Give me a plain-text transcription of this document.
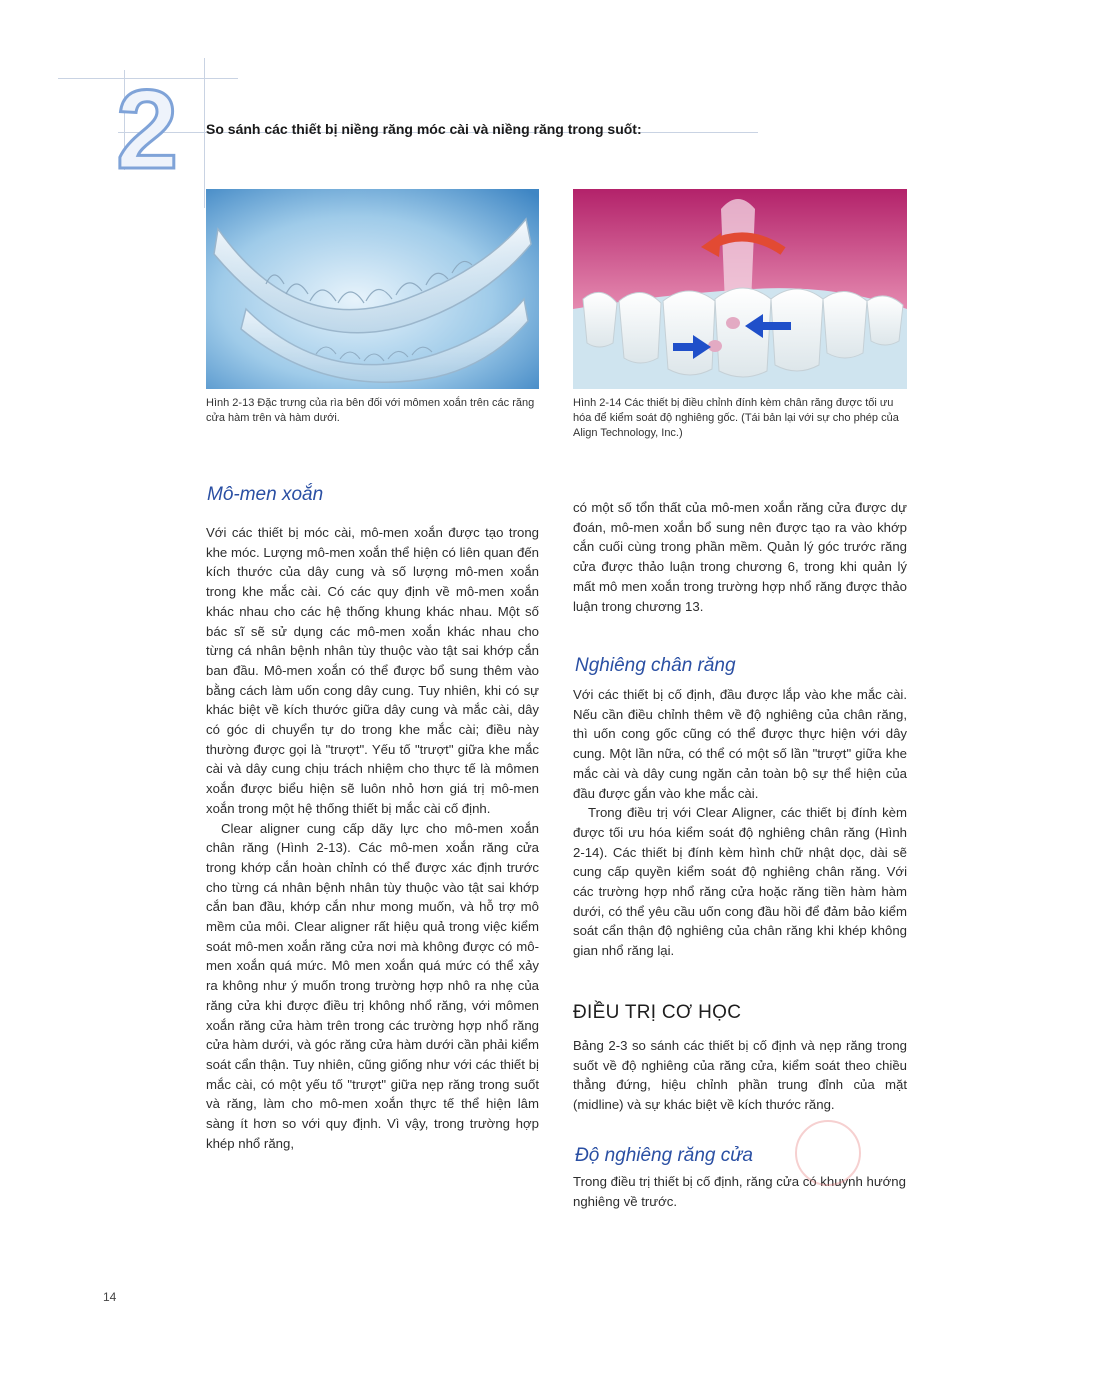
2 So sánh các thiết bị niềng răng móc cài và niềng răng trong suốt:
Hình 2-13 Đặc trưng của rìa bên đối với mômen xoắn trên các răng cửa hàm trên và hàm dưới.
Hình 2-14 Các thiết bị điều chỉnh đính kèm chân răng được tối ưu hóa để kiểm soát độ nghiêng gốc. (Tái bản lại với sự cho phép của Align Technology, Inc.)
Mô-men xoắn

Với các thiết bị móc cài, mô-men xoắn được tạo trong khe móc. Lượng mô-men xoắn thể hiện có liên quan đến kích thước của dây cung và số lượng mô-men xoắn trong khe mắc cài. Có các quy định về mô-men xoắn khác nhau cho các hệ thống khung khác nhau. Một số bác sĩ sẽ sử dụng các mô-men xoắn khác nhau cho từng cá nhân bệnh nhân tùy thuộc vào tật sai khớp cắn ban đầu. Mô-men xoắn có thể được bổ sung thêm vào bằng cách làm uốn cong dây cung. Tuy nhiên, khi có sự khác biệt về kích thước giữa dây cung và mắc cài, dây có góc di chuyển tự do trong khe mắc cài; điều này thường được gọi là "trượt". Yếu tố "trượt" giữa khe mắc cài và dây cung chịu trách nhiệm cho thực tế là mômen xoắn được biểu hiện sẽ luôn nhỏ hơn giá trị mô-men xoắn trong một hệ thống thiết bị mắc cài cố định.

Clear aligner cung cấp dãy lực cho mô-men xoắn chân răng (Hình 2-13). Các mô-men xoắn răng cửa trong khớp cắn hoàn chỉnh có thể được xác định trước cho từng cá nhân bệnh nhân tùy thuộc vào tật sai khớp cắn ban đầu, khớp cắn như mong muốn, và hỗ trợ mô mềm của môi. Clear aligner rất hiệu quả trong việc kiểm soát mô-men xoắn răng cửa nơi mà không được có mô-men xoắn quá mức. Mô men xoắn quá mức có thể xảy ra không như ý muốn trong trường hợp nhô ra nhẹ của răng cửa khi được điều trị không nhổ răng, với mômen xoắn răng cửa hàm trên trong các trường hợp nhổ răng cửa hàm dưới, và góc răng cửa hàm dưới cần phải kiểm soát cẩn thận. Tuy nhiên, cũng giống như với các thiết bị mắc cài, có một yếu tố "trượt" giữa nẹp răng trong suốt và răng, làm cho mô-men xoắn thực tế thể hiện lâm sàng ít hơn so với quy định. Vì vậy, trong trường hợp khép nhổ răng,

có một số tổn thất của mô-men xoắn răng cửa được dự đoán, mô-men xoắn bổ sung nên được tạo ra vào khớp cắn cuối cùng trong phần mềm. Quản lý góc trước răng cửa được thảo luận trong chương 6, trong khi quản lý mất mô men xoắn trong trường hợp nhổ răng được thảo luận trong chương 13.

Nghiêng chân răng

Với các thiết bị cố định, đầu được lắp vào khe mắc cài. Nếu cần điều chỉnh thêm về độ nghiêng của chân răng, thì uốn cong gốc cũng có thể được thực hiện với dây cung. Một lần nữa, có thể có một số lần "trượt" giữa khe mắc cài và dây cung ngăn cản toàn bộ sự thể hiện của đầu được gắn vào khe mắc cài.

Trong điều trị với Clear Aligner, các thiết bị đính kèm được tối ưu hóa kiểm soát độ nghiêng chân răng (Hình 2-14). Các thiết bị đính kèm hình chữ nhật dọc, dài sẽ cung cấp quyền kiểm soát độ nghiêng chân răng. Với các trường hợp nhổ răng cửa hoặc răng tiền hàm hàm dưới, có thể yêu cầu uốn cong đầu hồi để đảm bảo kiểm soát cẩn thận độ nghiêng của chân răng khi khép không gian nhổ răng lại.

ĐIỀU TRỊ CƠ HỌC

Bảng 2-3 so sánh các thiết bị cố định và nẹp răng trong suốt về độ nghiêng của răng cửa, kiểm soát theo chiều thẳng đứng, hiệu chỉnh phần trung đỉnh của mặt (midline) và sự khác biệt về kích thước răng.

Độ nghiêng răng cửa

Trong điều trị thiết bị cố định, răng cửa có khuynh hướng nghiêng về trước.

14
